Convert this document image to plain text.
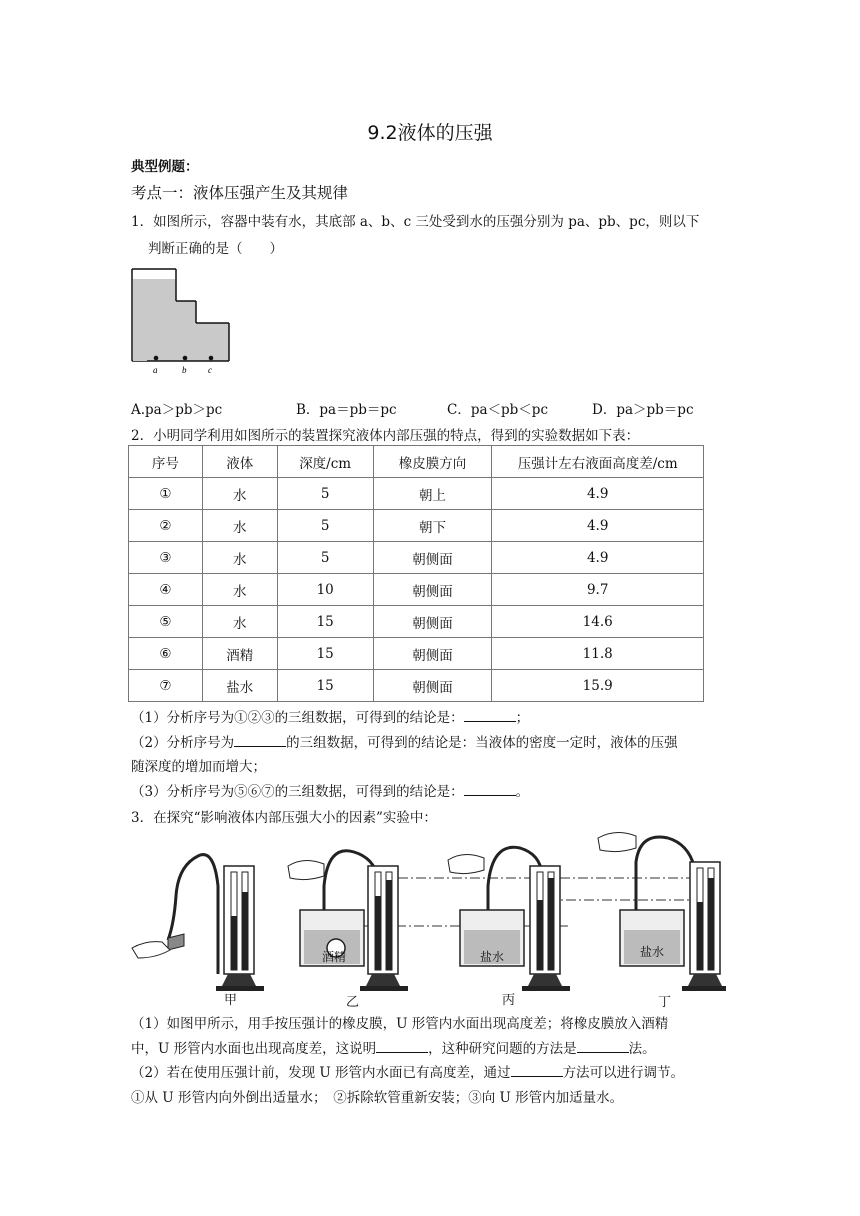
9.2液体的压强
典型例题：
考点一：液体压强产生及其规律
1．如图所示，容器中装有水，其底部 a、b、c 三处受到水的压强分别为 pa、pb、pc，则以下
判断正确的是（　　）
a	b c
A.pa＞pb＞pc	B．pa＝pb＝pc	C．pa＜pb＜pc	D．pa＞pb＝pc
2．小明同学利用如图所示的装置探究液体内部压强的特点，得到的实验数据如下表：
序号	液体	深度/cm	橡皮膜方向	压强计左右液面高度差/cm
①	水	5	朝上	4.9
②	水	5	朝下	4.9
③	水	5	朝侧面	4.9
④	水	10	朝侧面	9.7
⑤	水	15	朝侧面	14.6
⑥	酒精	15	朝侧面	11.8
⑦	盐水	15	朝侧面	15.9
（1）分析序号为①②③的三组数据，可得到的结论是：	；
（2）分析序号为	的三组数据，可得到的结论是：当液体的密度一定时，液体的压强
随深度的增加而增大；
（3）分析序号为⑤⑥⑦的三组数据，可得到的结论是：	。
3．在探究“影响液体内部压强大小的因素”实验中：
酒精	盐水	盐水
甲	乙	丙	丁
（1）如图甲所示，用手按压强计的橡皮膜，U 形管内水面出现高度差；将橡皮膜放入酒精
中，U 形管内水面也出现高度差，这说明	，这种研究问题的方法是	法。
（2）若在使用压强计前，发现 U 形管内水面已有高度差，通过	方法可以进行调节。
①从 U 形管内向外倒出适量水；　②拆除软管重新安装；③向 U 形管内加适量水。
